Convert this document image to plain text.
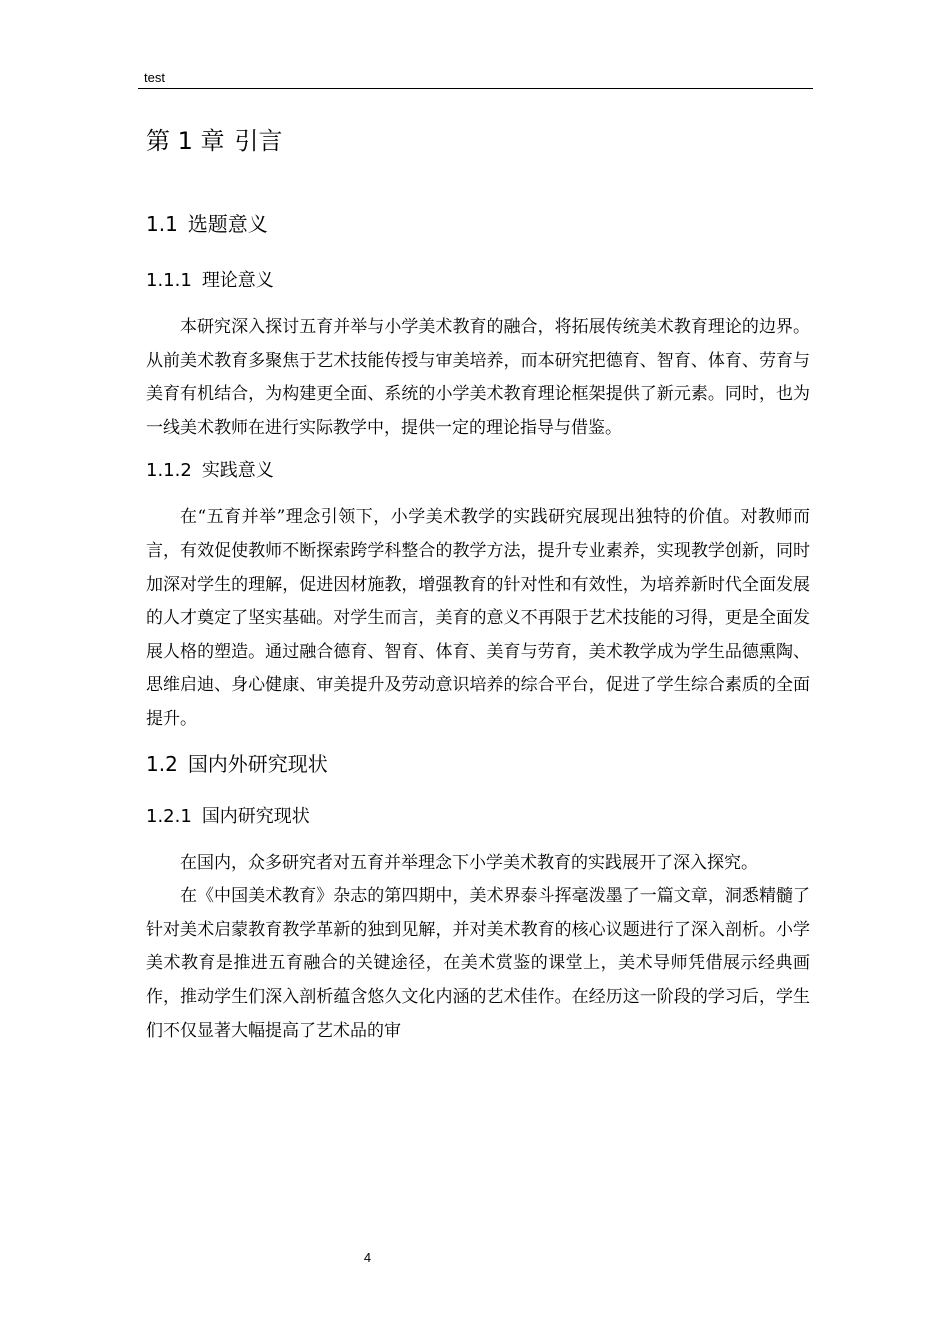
test
第 1 章 引言
1.1 选题意义
1.1.1 理论意义

本研究深入探讨五育并举与小学美术教育的融合，将拓展传统美术教育理论的边界。从前美术教育多聚焦于艺术技能传授与审美培养，而本研究把德育、智育、体育、劳育与美育有机结合，为构建更全面、系统的小学美术教育理论框架提供了新元素。同时，也为一线美术教师在进行实际教学中，提供一定的理论指导与借鉴。

1.1.2 实践意义

在“五育并举”理念引领下，小学美术教学的实践研究展现出独特的价值。对教师而言，有效促使教师不断探索跨学科整合的教学方法，提升专业素养，实现教学创新，同时加深对学生的理解，促进因材施教，增强教育的针对性和有效性，为培养新时代全面发展的人才奠定了坚实基础。对学生而言，美育的意义不再限于艺术技能的习得，更是全面发展人格的塑造。通过融合德育、智育、体育、美育与劳育，美术教学成为学生品德熏陶、思维启迪、身心健康、审美提升及劳动意识培养的综合平台，促进了学生综合素质的全面提升。

1.2 国内外研究现状
1.2.1 国内研究现状

在国内，众多研究者对五育并举理念下小学美术教育的实践展开了深入探究。

在《中国美术教育》杂志的第四期中，美术界泰斗挥毫泼墨了一篇文章，洞悉精髓了针对美术启蒙教育教学革新的独到见解，并对美术教育的核心议题进行了深入剖析。小学美术教育是推进五育融合的关键途径，在美术赏鉴的课堂上，美术导师凭借展示经典画作，推动学生们深入剖析蕴含悠久文化内涵的艺术佳作。在经历这一阶段的学习后，学生们不仅显著大幅提高了艺术品的审

4
